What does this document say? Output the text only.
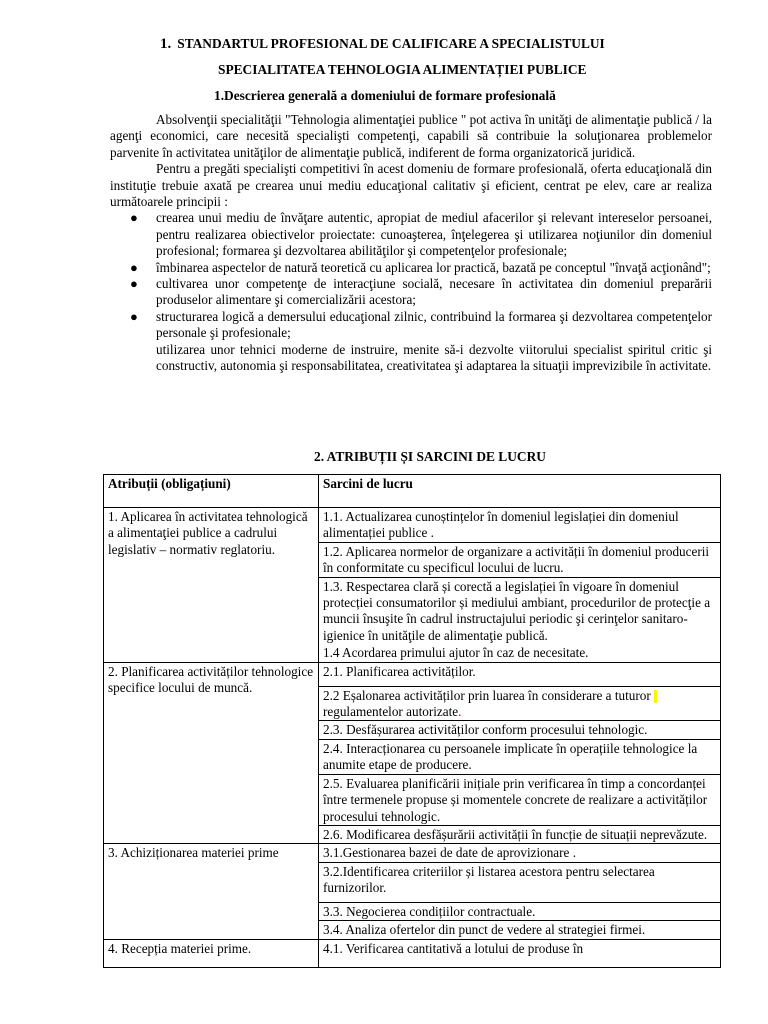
1. STANDARTUL PROFESIONAL DE CALIFICARE A SPECIALISTULUI
SPECIALITATEA TEHNOLOGIA ALIMENTAȚIEI PUBLICE
1.Descrierea generală a domeniului de formare profesională

Absolvenţii specialităţii "Tehnologia alimentaţiei publice " pot activa în unităţi de alimentaţie publică / la agenţi economici, care necesită specialişti competenţi, capabili să contribuie la soluţionarea problemelor parvenite în activitatea unităţilor de alimentaţie publică, indiferent de forma organizatorică juridică.

Pentru a pregăti specialişti competitivi în acest domeniu de formare profesională, oferta educaţională din instituţie trebuie axată pe crearea unui mediu educaţional calitativ şi eficient, centrat pe elev, care ar realiza următoarele principii :

● crearea unui mediu de învăţare autentic, apropiat de mediul afacerilor şi relevant intereselor persoanei, pentru realizarea obiectivelor proiectate: cunoaşterea, înţelegerea şi utilizarea noţiunilor din domeniul profesional; formarea şi dezvoltarea abilităţilor şi competenţelor profesionale;
● îmbinarea aspectelor de natură teoretică cu aplicarea lor practică, bazată pe conceptul "învaţă acţionând";
● cultivarea unor competenţe de interacţiune socială, necesare în activitatea din domeniul preparării produselor alimentare şi comercializării acestora;
● structurarea logică a demersului educaţional zilnic, contribuind la formarea şi dezvoltarea competenţelor personale şi profesionale;

utilizarea unor tehnici moderne de instruire, menite să-i dezvolte viitorului specialist spiritul critic şi constructiv, autonomia şi responsabilitatea, creativitatea şi adaptarea la situaţii imprevizibile în activitate.

2. ATRIBUȚII ȘI SARCINI DE LUCRU
Atribuții (obligațiuni)	Sarcini de lucru
1. Aplicarea în activitatea tehnologică a alimentaţiei publice a cadrului legislativ – normativ reglatoriu.	1.1. Actualizarea cunoștințelor în domeniul legislației din domeniul alimentației publice .
	1.2. Aplicarea normelor de organizare a activității în domeniul producerii în conformitate cu specificul locului de lucru.
	1.3. Respectarea clară și corectă a legislației în vigoare în domeniul protecției consumatorilor și mediului ambiant, procedurilor de protecţie a muncii însuşite în cadrul instructajului periodic şi cerinţelor sanitaro-igienice în unităţile de alimentaţie publică.
	1.4 Acordarea primului ajutor în caz de necesitate.
2. Planificarea activităților tehnologice specifice locului de muncă.	2.1. Planificarea activităților.
	2.2 Eșalonarea activităților prin luarea în considerare a tuturor regulamentelor autorizate.
	2.3. Desfășurarea activităților conform procesului tehnologic.
	2.4. Interacționarea cu persoanele implicate în operațiile tehnologice la anumite etape de producere.
	2.5. Evaluarea planificării inițiale prin verificarea în timp a concordanței între termenele propuse și momentele concrete de realizare a activităților procesului tehnologic.
	2.6. Modificarea desfășurării activității în funcție de situații neprevăzute.
3. Achiziționarea materiei prime	3.1.Gestionarea bazei de date de aprovizionare .
	3.2.Identificarea criteriilor și listarea acestora pentru selectarea furnizorilor.
	3.3. Negocierea condițiilor contractuale.
	3.4. Analiza ofertelor din punct de vedere al strategiei firmei.
4. Recepția materiei prime.	4.1. Verificarea cantitativă a lotului de produse în
